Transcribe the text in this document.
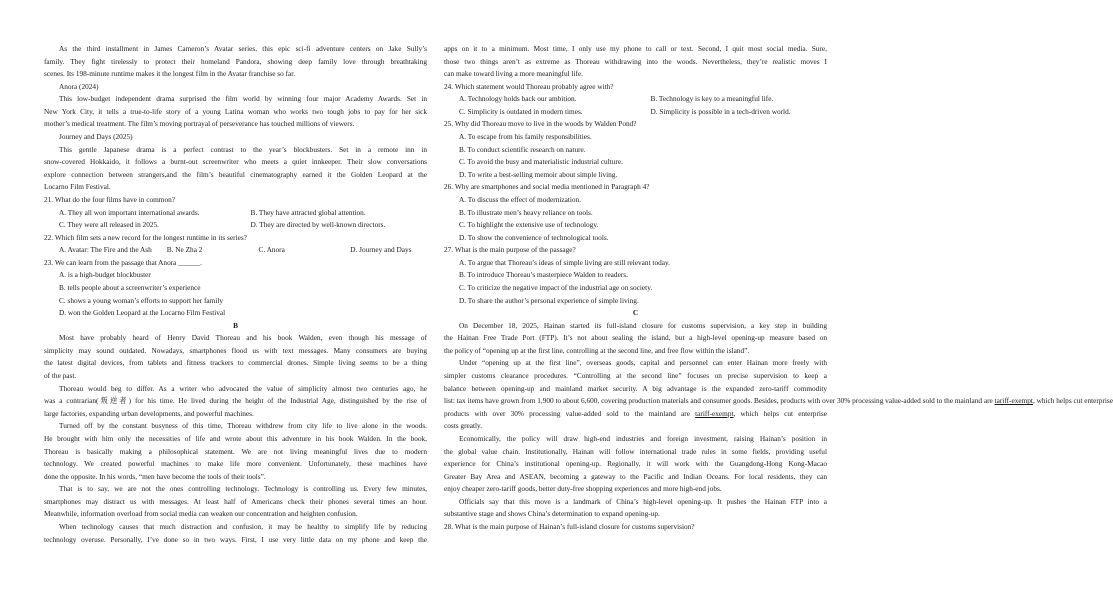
As the third installment in James Cameron’s Avatar series, this epic sci-fi adventure centers on Jake Sully’s
family. They fight tirelessly to protect their homeland Pandora, showing deep family love through breathtaking
scenes. Its 198-minute runtime makes it the longest film in the Avatar franchise so far.
Anora (2024)
This low-budget independent drama surprised the film world by winning four major Academy Awards. Set in
New York City, it tells a true-to-life story of a young Latina woman who works two tough jobs to pay for her sick
mother’s medical treatment. The film’s moving portrayal of perseverance has touched millions of viewers.
Journey and Days (2025)
This gentle Japanese drama is a perfect contrast to the year’s blockbusters. Set in a remote inn in
snow-covered Hokkaido, it follows a burnt-out screenwriter who meets a quiet innkeeper. Their slow conversations
explore connection between strangers,and the film’s beautiful cinematography earned it the Golden Leopard at the
Locarno Film Festival.
21. What do the four films have in common?
A. They all won important international awards.	B. They have attracted global attention.
C. They were all released in 2025.	D. They are directed by well-known directors.
22. Which film sets a new record for the longest runtime in its series?
A. Avatar: The Fire and the Ash	B. Ne Zha 2	C. Anora	D. Journey and Days
23. We can learn from the passage that Anora ______.
A. is a high-budget blockbuster
B. tells people about a screenwriter’s experience
C. shows a young woman’s efforts to support her family
D. won the Golden Leopard at the Locarno Film Festival
B
Most have probably heard of Henry David Thoreau and his book Walden, even though his message of
simplicity may sound outdated. Nowadays, smartphones flood us with text messages. Many consumers are buying
the latest digital devices, from tablets and fitness trackers to commercial drones. Simple living seems to be a thing
of the past.
Thoreau would beg to differ. As a writer who advocated the value of simplicity almost two centuries ago, he
was a contrarian(叛逆者) for his time. He lived during the height of the Industrial Age, distinguished by the rise of
large factories, expanding urban developments, and powerful machines.
Turned off by the constant busyness of this time, Thoreau withdrew from city life to live alone in the woods.
He brought with him only the necessities of life and wrote about this adventure in his book Walden. In the book,
Thoreau is basically making a philosophical statement. We are not living meaningful lives due to modern
technology. We created powerful machines to make life more convenient. Unfortunately, these machines have
done the opposite. In his words, “men have become the tools of their tools”.
That is to say, we are not the ones controlling technology. Technology is controlling us. Every few minutes,
smartphones may distract us with messages. At least half of Americans check their phones several times an hour.
Meanwhile, information overload from social media can weaken our concentration and heighten confusion.
When technology causes that much distraction and confusion, it may be healthy to simplify life by reducing
technology overuse. Personally, I’ve done so in two ways. First, I use very little data on my phone and keep the
apps on it to a minimum. Most time, I only use my phone to call or text. Second, I quit most social media. Sure,
those two things aren’t as extreme as Thoreau withdrawing into the woods. Nevertheless, they’re realistic moves I
can make toward living a more meaningful life.
24. Which statement would Thoreau probably agree with?
A. Technology holds back our ambition.	B. Technology is key to a meaningful life.
C. Simplicity is outdated in modern times.	D. Simplicity is possible in a tech-driven world.
25. Why did Thoreau move to live in the woods by Walden Pond?
A. To escape from his family responsibilities.
B. To conduct scientific research on nature.
C. To avoid the busy and materialistic industrial culture.
D. To write a best-selling memoir about simple living.
26. Why are smartphones and social media mentioned in Paragraph 4?
A. To discuss the effect of modernization.
B. To illustrate men’s heavy reliance on tools.
C. To highlight the extensive use of technology.
D. To show the convenience of technological tools.
27. What is the main purpose of the passage?
A. To argue that Thoreau’s ideas of simple living are still relevant today.
B. To introduce Thoreau’s masterpiece Walden to readers.
C. To criticize the negative impact of the industrial age on society.
D. To share the author’s personal experience of simple living.
C
On December 18, 2025, Hainan started its full-island closure for customs supervision, a key step in building
the Hainan Free Trade Port (FTP). It’s not about sealing the island, but a high-level opening-up measure based on
the policy of “opening up at the first line, controlling at the second line, and free flow within the island”.
Under “opening up at the first line”, overseas goods, capital and personnel can enter Hainan more freely with
simpler customs clearance procedures. “Controlling at the second line” focuses on precise supervision to keep a
balance between opening-up and mainland market security. A big advantage is the expanded zero-tariff commodity
list: tax items have grown from 1,900 to about 6,600, covering production materials and consumer goods. Besides, products with over 30% processing value-added sold to the mainland are tariff-exempt, which helps cut enterprise
products with over 30% processing value-added sold to the mainland are tariff-exempt, which helps cut enterprise
costs greatly.
Economically, the policy will draw high-end industries and foreign investment, raising Hainan’s position in
the global value chain. Institutionally, Hainan will follow international trade rules in some fields, providing useful
experience for China’s institutional opening-up. Regionally, it will work with the Guangdong-Hong Kong-Macao
Greater Bay Area and ASEAN, becoming a gateway to the Pacific and Indian Oceans. For local residents, they can
enjoy cheaper zero-tariff goods, better duty-free shopping experiences and more high-end jobs.
Officials say that this move is a landmark of China’s high-level opening-up. It pushes the Hainan FTP into a
substantive stage and shows China’s determination to expand opening-up.
28. What is the main purpose of Hainan’s full-island closure for customs supervision?
